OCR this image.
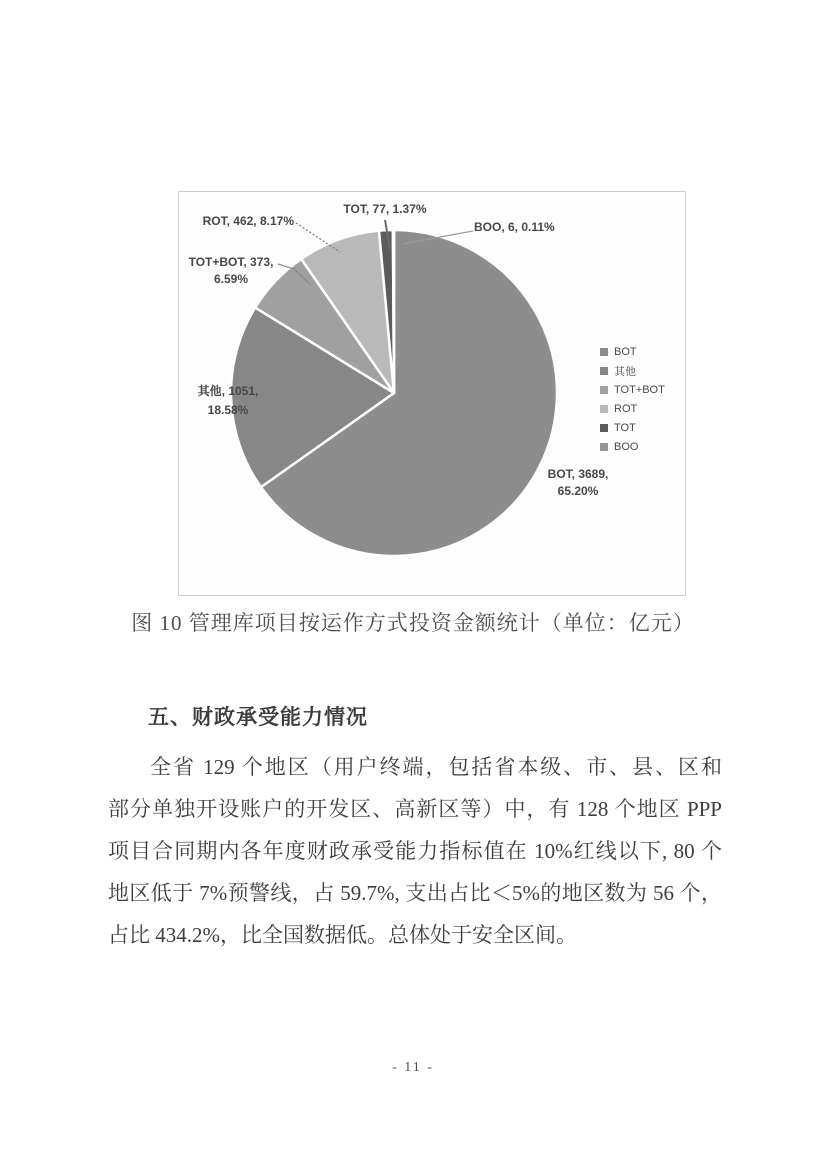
TOT, 77, 1.37%
BOO, 6, 0.11%
ROT, 462, 8.17%
TOT+BOT, 373,
6.59%
其他, 1051,
18.58%
BOT, 3689,
65.20%
BOT
其他
TOT+BOT
ROT
TOT
BOO
图 10 管理库项目按运作方式投资金额统计（单位：亿元）
五、财政承受能力情况
全省 129 个地区（用户终端，包括省本级、市、县、区和
部分单独开设账户的开发区、高新区等）中，有 128 个地区 PPP
项目合同期内各年度财政承受能力指标值在 10%红线以下, 80 个
地区低于 7%预警线，占 59.7%, 支出占比＜5%的地区数为 56 个，
占比 434.2%，比全国数据低。总体处于安全区间。
- 11 -
